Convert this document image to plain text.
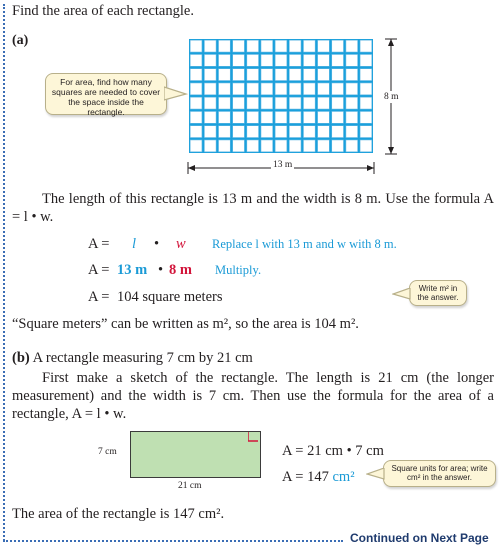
Find the area of each rectangle.
(a)
For area, find how many squares are needed to cover the space inside the rectangle.
8 m
13 m
The length of this rectangle is 13 m and the width is 8 m. Use the formula A = l • w.
A = l • w Replace l with 13 m and w with 8 m.
A = 13 m • 8 m Multiply.
A = 104 square meters
Write m² in the answer.
“Square meters” can be written as m², so the area is 104 m².
(b) A rectangle measuring 7 cm by 21 cm
First make a sketch of the rectangle. The length is 21 cm (the longer measurement) and the width is 7 cm. Then use the formula for the area of a rectangle, A = l • w.
7 cm
21 cm
A = 21 cm • 7 cm
A = 147 cm²
Square units for area; write cm² in the answer.
The area of the rectangle is 147 cm².
Continued on Next Page
